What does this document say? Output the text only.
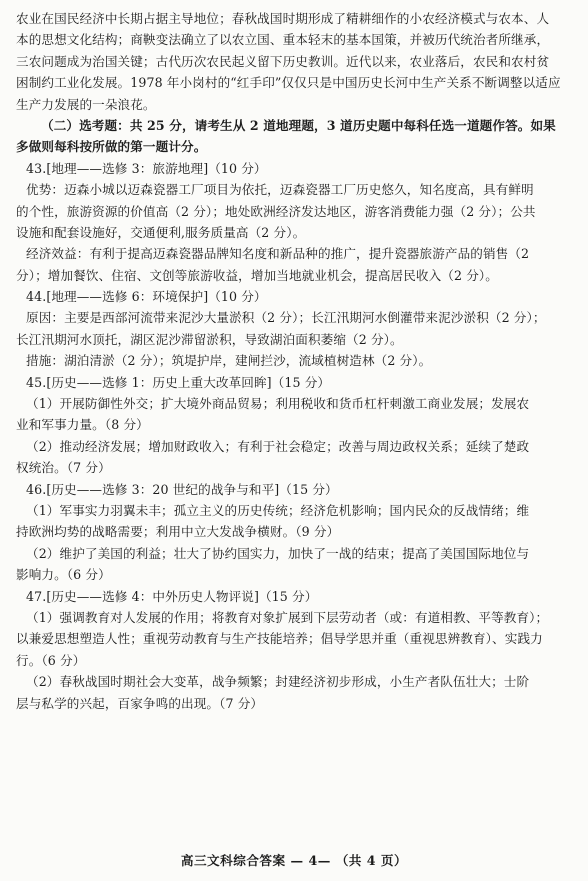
农业在国民经济中长期占据主导地位；春秋战国时期形成了精耕细作的小农经济模式与农本、人
本的思想文化结构；商鞅变法确立了以农立国、重本轻末的基本国策，并被历代统治者所继承，
三农问题成为治国关键；古代历次农民起义留下历史教训。近代以来，农业落后，农民和农村贫
困制约工业化发展。1978 年小岗村的“红手印”仅仅只是中国历史长河中生产关系不断调整以适应
生产力发展的一朵浪花。
（二）选考题：共 25 分，请考生从 2 道地理题，3 道历史题中每科任选一道题作答。如果
多做则每科按所做的第一题计分。
43.[地理——选修 3：旅游地理]（10 分）
优势：迈森小城以迈森瓷器工厂项目为依托，迈森瓷器工厂历史悠久，知名度高，具有鲜明
的个性，旅游资源的价值高（2 分）；地处欧洲经济发达地区，游客消费能力强（2 分）；公共
设施和配套设施好，交通便利,服务质量高（2 分）。
经济效益：有利于提高迈森瓷器品牌知名度和新品种的推广，提升瓷器旅游产品的销售（2
分）；增加餐饮、住宿、文创等旅游收益，增加当地就业机会，提高居民收入（2 分）。
44.[地理——选修 6：环境保护]（10 分）
原因：主要是西部河流带来泥沙大量淤积（2 分）；长江汛期河水倒灌带来泥沙淤积（2 分）；
长江汛期河水顶托，湖区泥沙滞留淤积，导致湖泊面积萎缩（2 分）。
措施：湖泊清淤（2 分）；筑堤护岸，建闸拦沙，流域植树造林（2 分）。
45.[历史——选修 1：历史上重大改革回眸]（15 分）
（1）开展防御性外交；扩大境外商品贸易；利用税收和货币杠杆刺激工商业发展；发展农
业和军事力量。（8 分）
（2）推动经济发展；增加财政收入；有利于社会稳定；改善与周边政权关系；延续了楚政
权统治。（7 分）
46.[历史——选修 3：20 世纪的战争与和平]（15 分）
（1）军事实力羽翼未丰；孤立主义的历史传统；经济危机影响；国内民众的反战情绪；维
持欧洲均势的战略需要；利用中立大发战争横财。（9 分）
（2）维护了美国的利益；壮大了协约国实力，加快了一战的结束；提高了美国国际地位与
影响力。（6 分）
47.[历史——选修 4：中外历史人物评说]（15 分）
（1）强调教育对人发展的作用；将教育对象扩展到下层劳动者（或：有道相教、平等教育）；
以兼爱思想塑造人性；重视劳动教育与生产技能培养；倡导学思并重（重视思辨教育）、实践力
行。（6 分）
（2）春秋战国时期社会大变革，战争频繁；封建经济初步形成，小生产者队伍壮大；士阶
层与私学的兴起，百家争鸣的出现。（7 分）
高三文科综合答案 — 4— （共 4 页）
